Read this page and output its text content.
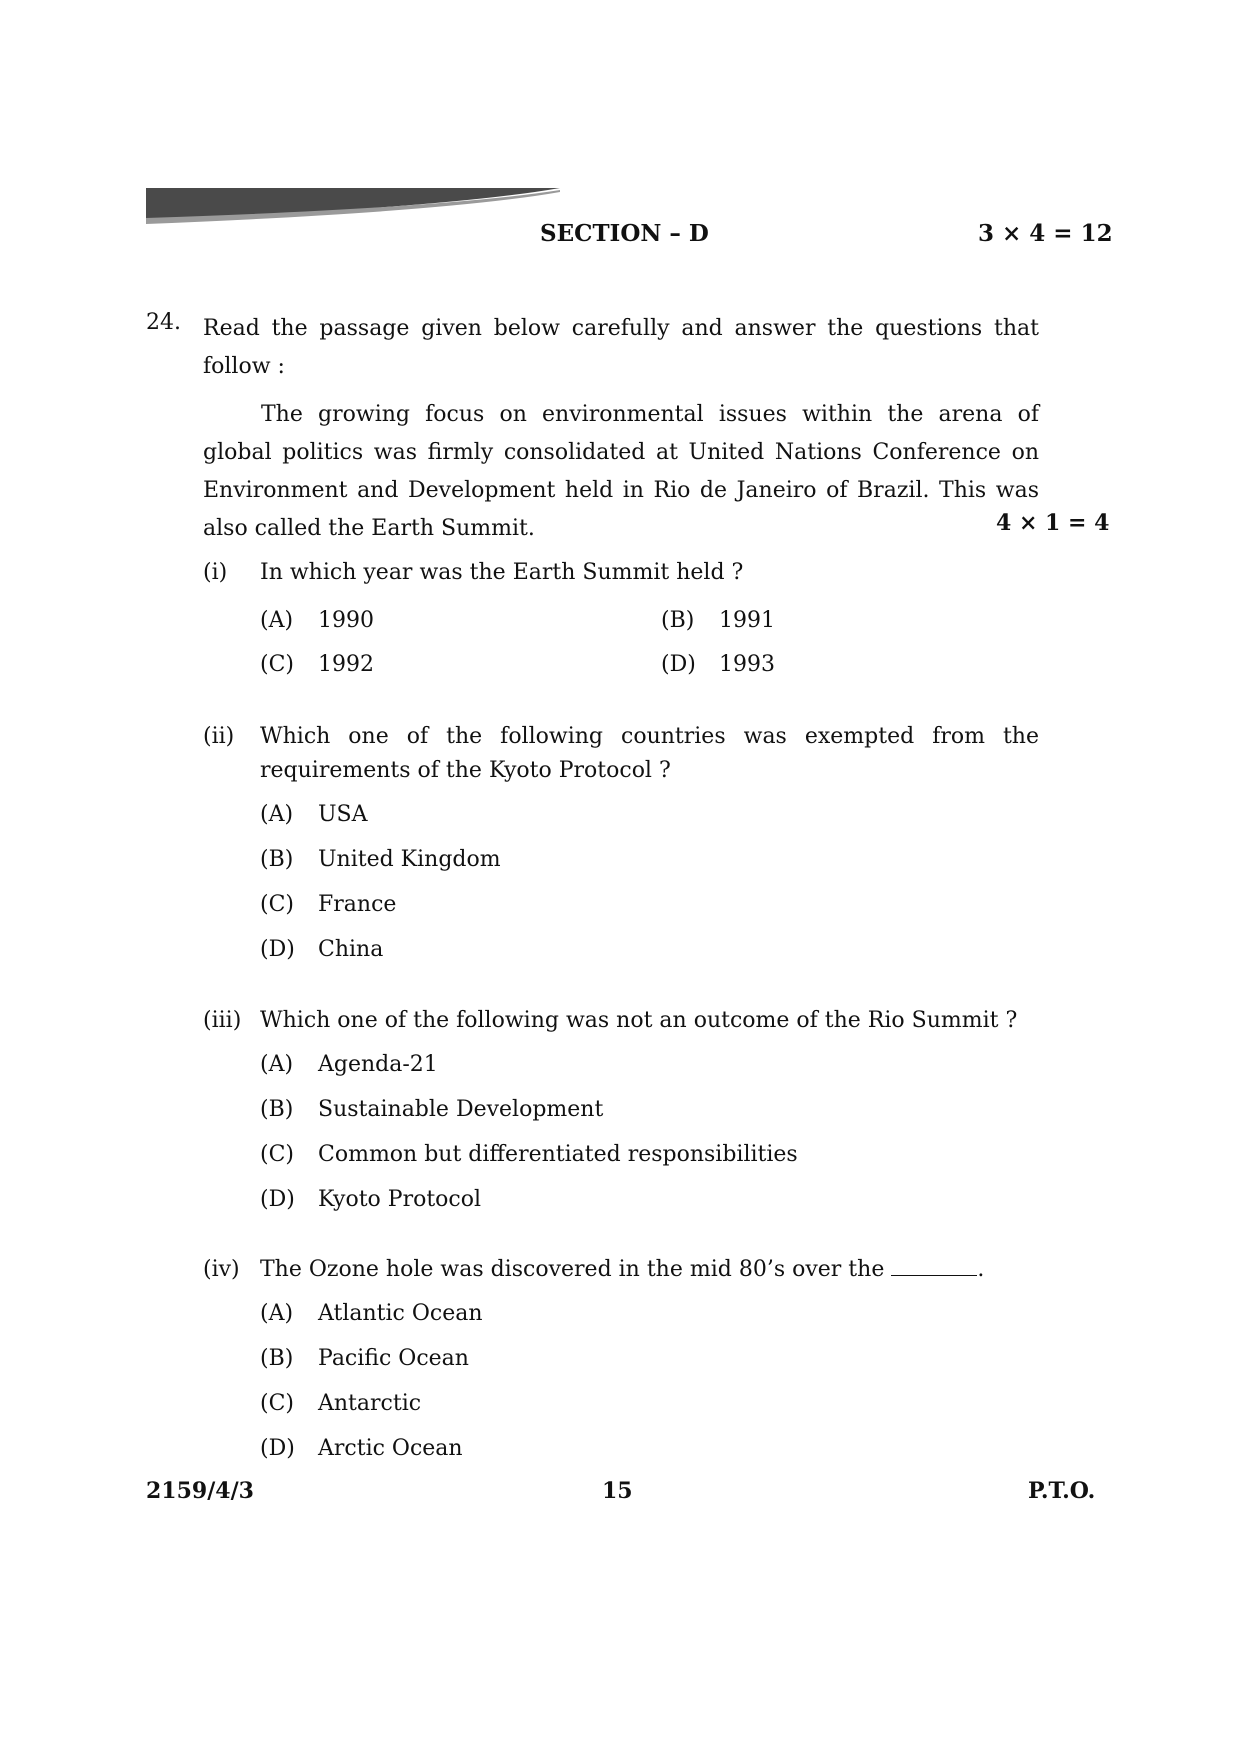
SECTION – D	3 × 4 = 12
24. Read the passage given below carefully and answer the questions that follow :
The growing focus on environmental issues within the arena of global politics was firmly consolidated at United Nations Conference on Environment and Development held in Rio de Janeiro of Brazil. This was also called the Earth Summit.	4 × 1 = 4
(i) In which year was the Earth Summit held ?
(A) 1990	(B) 1991
(C) 1992	(D) 1993
(ii) Which one of the following countries was exempted from the requirements of the Kyoto Protocol ?
(A) USA
(B) United Kingdom
(C) France
(D) China
(iii) Which one of the following was not an outcome of the Rio Summit ?
(A) Agenda-21
(B) Sustainable Development
(C) Common but differentiated responsibilities
(D) Kyoto Protocol
(iv) The Ozone hole was discovered in the mid 80’s over the	.
(A) Atlantic Ocean
(B) Pacific Ocean
(C) Antarctic
(D) Arctic Ocean
2159/4/3	15	P.T.O.
